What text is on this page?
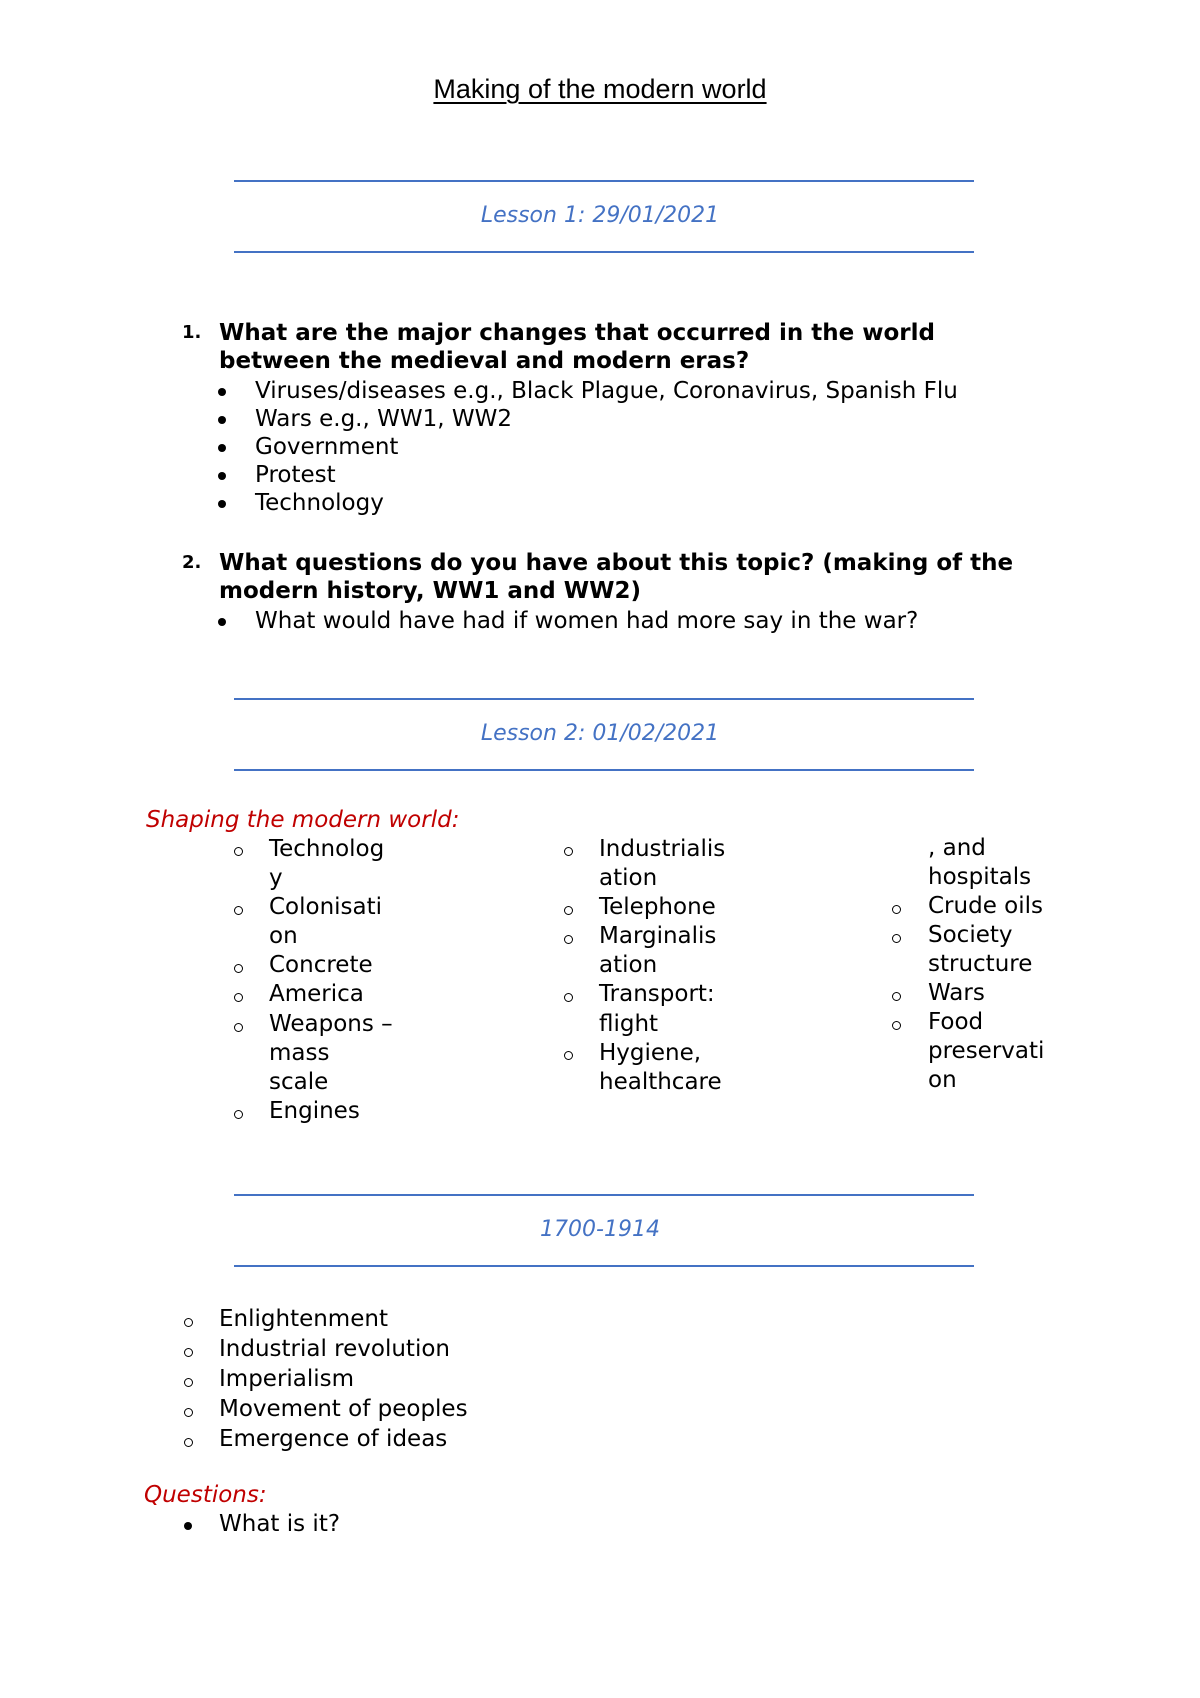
Making of the modern world
Lesson 1: 29/01/2021
1. What are the major changes that occurred in the world
between the medieval and modern eras?
Viruses/diseases e.g., Black Plague, Coronavirus, Spanish Flu
Wars e.g., WW1, WW2
Government
Protest
Technology
2. What questions do you have about this topic? (making of the
modern history, WW1 and WW2)
What would have had if women had more say in the war?
Lesson 2: 01/02/2021
Shaping the modern world:
Technolog
y
Colonisati
on
Concrete
America
Weapons –
mass
scale
Engines
Industrialis
ation
Telephone
Marginalis
ation
Transport:
flight
Hygiene,
healthcare
, and
hospitals
Crude oils
Society
structure
Wars
Food
preservati
on
1700-1914
Enlightenment
Industrial revolution
Imperialism
Movement of peoples
Emergence of ideas
Questions:
What is it?
